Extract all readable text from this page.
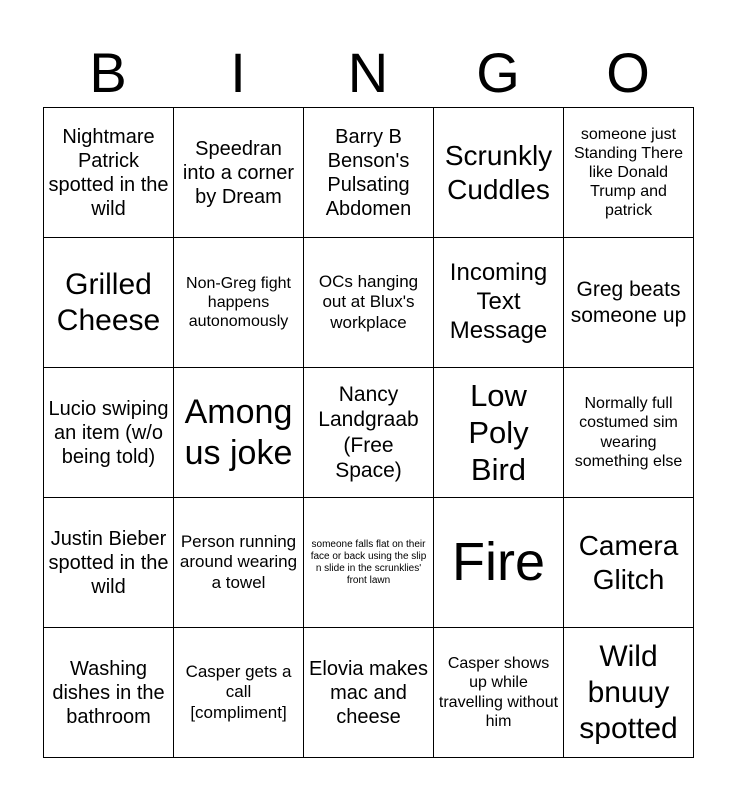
B	I	N	G	O
Nightmare Patrick spotted in the wild	Speedran into a corner by Dream	Barry B Benson's Pulsating Abdomen	Scrunkly Cuddles	someone just Standing There like Donald Trump and patrick
Grilled Cheese	Non-Greg fight happens autonomously	OCs hanging out at Blux's workplace	Incoming Text Message	Greg beats someone up
Lucio swiping an item (w/o being told)	Among us joke	Nancy Landgraab (Free Space)	Low Poly Bird	Normally full costumed sim wearing something else
Justin Bieber spotted in the wild	Person running around wearing a towel	someone falls flat on their face or back using the slip n slide in the scrunklies' front lawn	Fire	Camera Glitch
Washing dishes in the bathroom	Casper gets a call [compliment]	Elovia makes mac and cheese	Casper shows up while travelling without him	Wild bnuuy spotted
